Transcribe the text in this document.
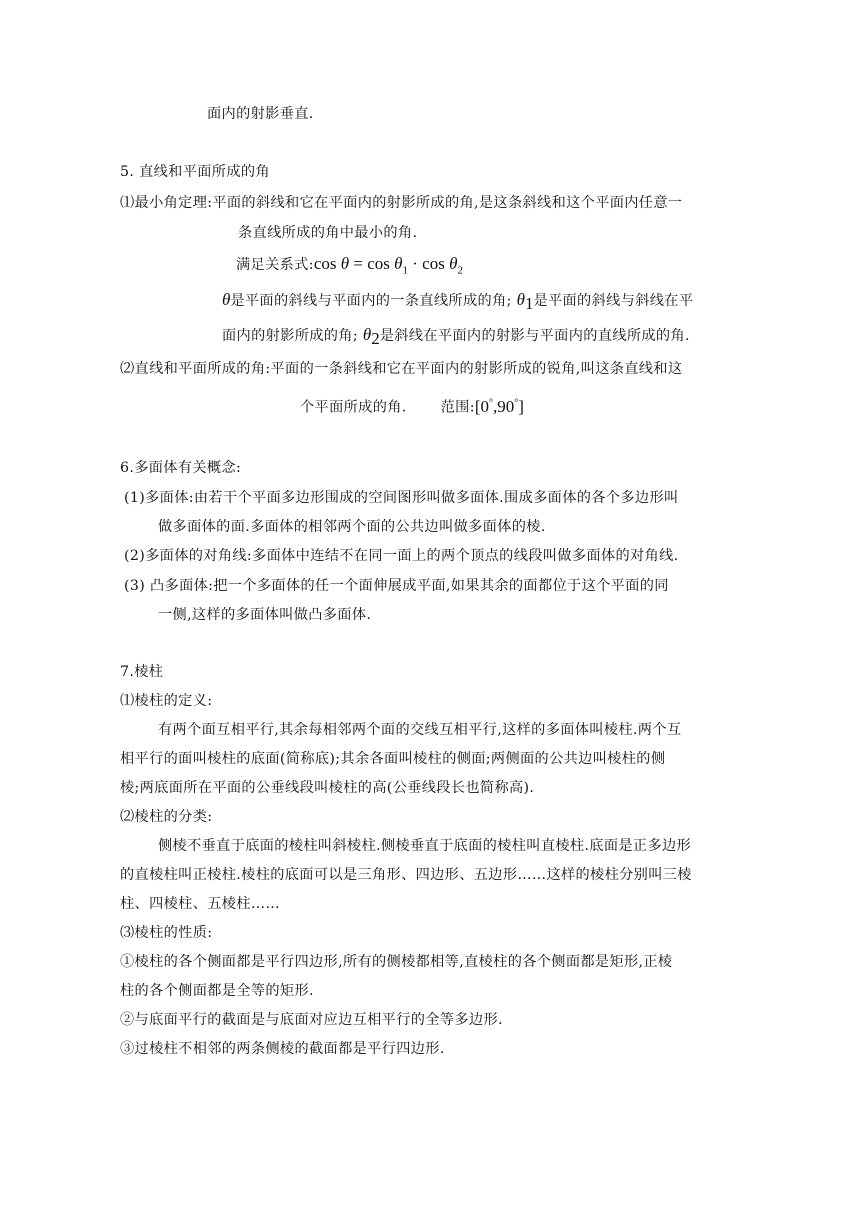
面内的射影垂直.
5. 直线和平面所成的角
⑴最小角定理:平面的斜线和它在平面内的射影所成的角,是这条斜线和这个平面内任意一
条直线所成的角中最小的角.
满足关系式:cos $\theta = \cos \theta_1 \cdot \cos \theta_2$
θ是平面的斜线与平面内的一条直线所成的角; $\theta_1$是平面的斜线与斜线在平
面内的射影所成的角; $\theta_2$是斜线在平面内的射影与平面内的直线所成的角.
⑵直线和平面所成的角:平面的一条斜线和它在平面内的射影所成的锐角,叫这条直线和这
个平面所成的角. 范围:[0°,90°]
6.多面体有关概念:
(1)多面体:由若干个平面多边形围成的空间图形叫做多面体.围成多面体的各个多边形叫
做多面体的面.多面体的相邻两个面的公共边叫做多面体的棱.
(2)多面体的对角线:多面体中连结不在同一面上的两个顶点的线段叫做多面体的对角线.
(3) 凸多面体:把一个多面体的任一个面伸展成平面,如果其余的面都位于这个平面的同
一侧,这样的多面体叫做凸多面体.
7.棱柱
⑴棱柱的定义:
有两个面互相平行,其余每相邻两个面的交线互相平行,这样的多面体叫棱柱.两个互
相平行的面叫棱柱的底面(简称底);其余各面叫棱柱的侧面;两侧面的公共边叫棱柱的侧
棱;两底面所在平面的公垂线段叫棱柱的高(公垂线段长也简称高).
⑵棱柱的分类:
侧棱不垂直于底面的棱柱叫斜棱柱.侧棱垂直于底面的棱柱叫直棱柱.底面是正多边形
的直棱柱叫正棱柱.棱柱的底面可以是三角形、四边形、五边形……这样的棱柱分别叫三棱
柱、四棱柱、五棱柱……
⑶棱柱的性质:
①棱柱的各个侧面都是平行四边形,所有的侧棱都相等,直棱柱的各个侧面都是矩形,正棱
柱的各个侧面都是全等的矩形.
②与底面平行的截面是与底面对应边互相平行的全等多边形.
③过棱柱不相邻的两条侧棱的截面都是平行四边形.
